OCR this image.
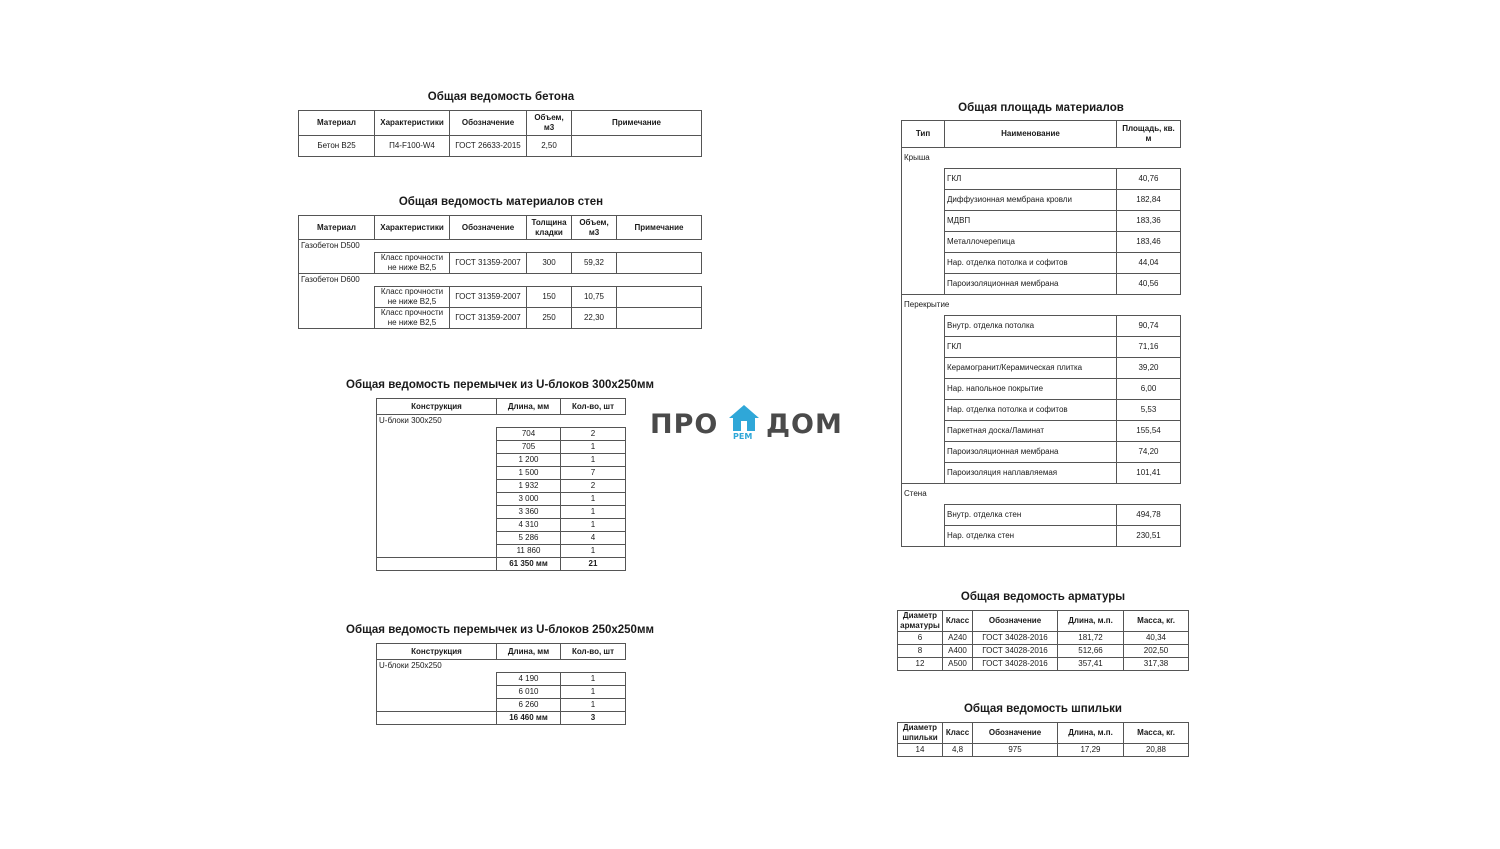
Общая ведомость бетона
Материал	Характеристики	Обозначение	Объем, м3	Примечание
Бетон В25	П4-F100-W4	ГОСТ 26633-2015	2,50	
Общая ведомость материалов стен
Материал	Характеристики	Обозначение	Толщина кладки	Объем, м3	Примечание
Газобетон D500					
	Класс прочности не ниже В2,5	ГОСТ 31359-2007	300	59,32	
Газобетон D600					
	Класс прочности не ниже В2,5	ГОСТ 31359-2007	150	10,75	
	Класс прочности не ниже В2,5	ГОСТ 31359-2007	250	22,30	
Общая ведомость перемычек из U-блоков 300х250мм
Конструкция	Длина, мм	Кол-во, шт
U-блоки 300х250		
	704	2
	705	1
	1 200	1
	1 500	7
	1 932	2
	3 000	1
	3 360	1
	4 310	1
	5 286	4
	11 860	1
	61 350 мм	21
Общая ведомость перемычек из U-блоков 250х250мм
Конструкция	Длина, мм	Кол-во, шт
U-блоки 250х250		
	4 190	1
	6 010	1
	6 260	1
	16 460 мм	3
ПРО РЕМ ДОМ
Общая площадь материалов
Тип	Наименование	Площадь, кв. м
Крыша		
	ГКЛ	40,76
	Диффузионная мембрана кровли	182,84
	МДВП	183,36
	Металлочерепица	183,46
	Нар. отделка потолка и софитов	44,04
	Пароизоляционная мембрана	40,56
Перекрытие		
	Внутр. отделка потолка	90,74
	ГКЛ	71,16
	Керамогранит/Керамическая плитка	39,20
	Нар. напольное покрытие	6,00
	Нар. отделка потолка и софитов	5,53
	Паркетная доска/Ламинат	155,54
	Пароизоляционная мембрана	74,20
	Пароизоляция наплавляемая	101,41
Стена		
	Внутр. отделка стен	494,78
	Нар. отделка стен	230,51
Общая ведомость арматуры
Диаметр арматуры	Класс	Обозначение	Длина, м.п.	Масса, кг.
6	А240	ГОСТ 34028-2016	181,72	40,34
8	А400	ГОСТ 34028-2016	512,66	202,50
12	А500	ГОСТ 34028-2016	357,41	317,38
Общая ведомость шпильки
Диаметр шпильки	Класс	Обозначение	Длина, м.п.	Масса, кг.
14	4,8	975	17,29	20,88
